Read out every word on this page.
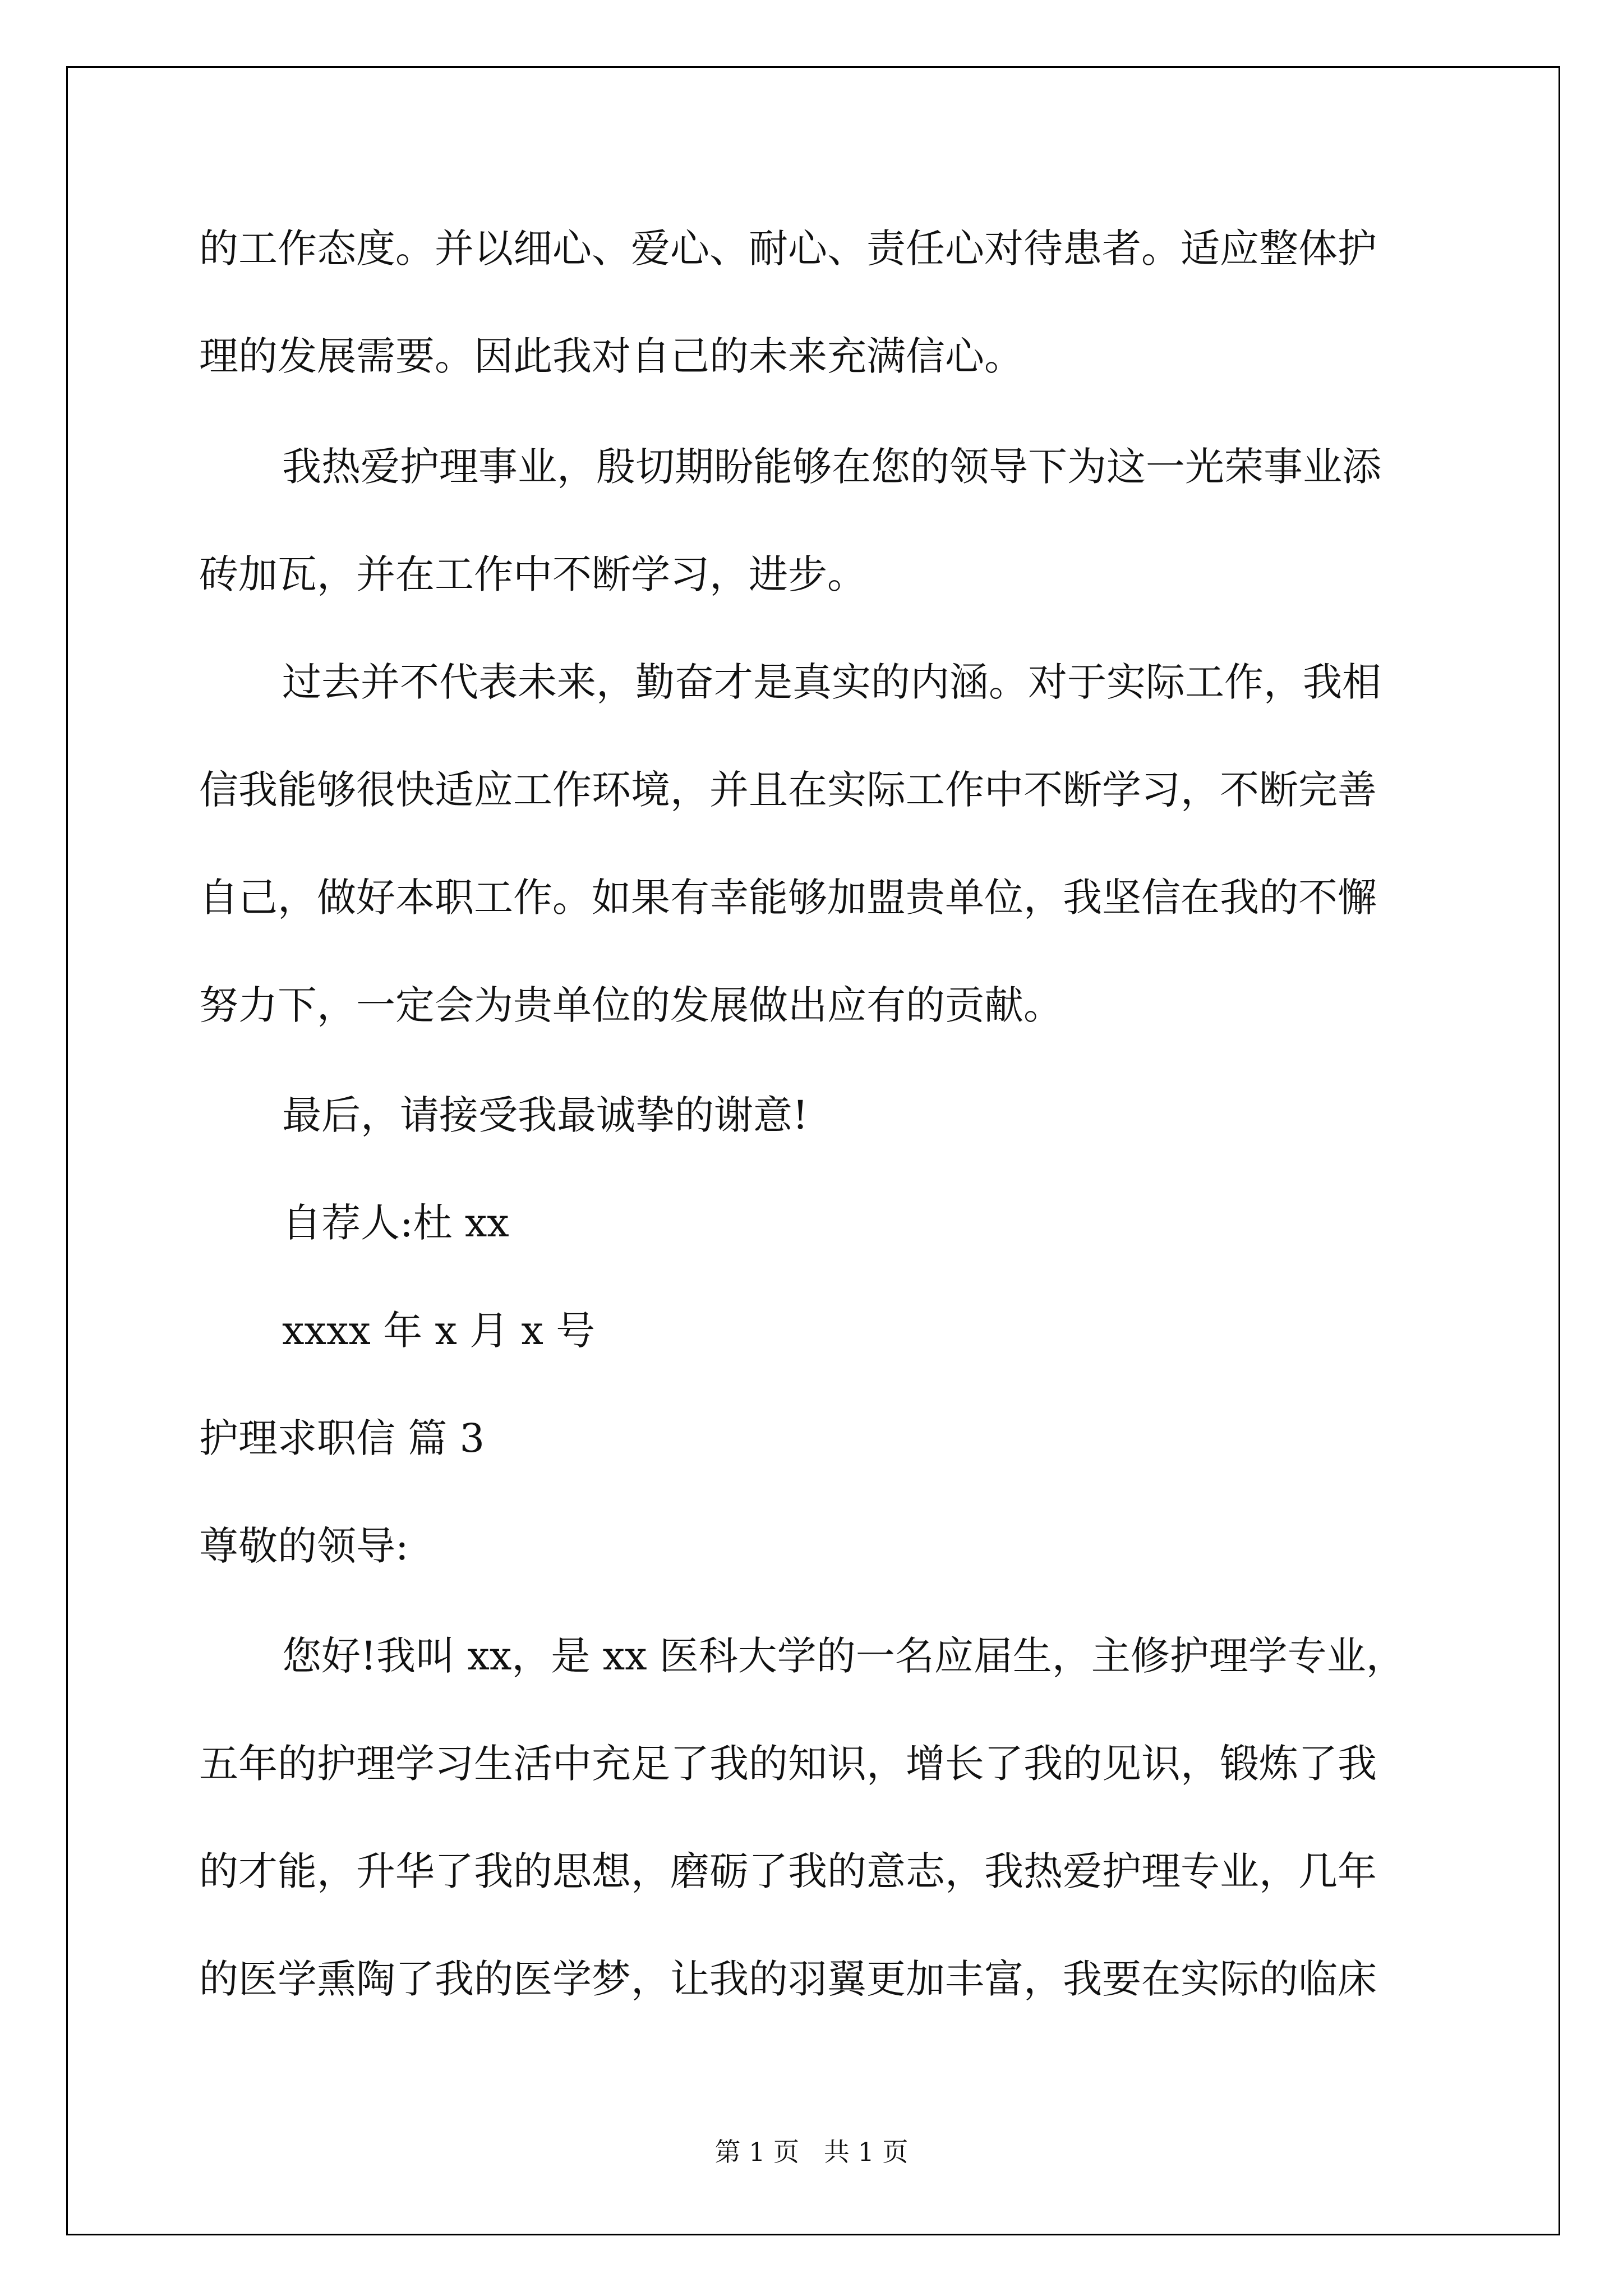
的工作态度。并以细心、爱心、耐心、责任心对待患者。适应整体护
理的发展需要。因此我对自己的未来充满信心。
我热爱护理事业，殷切期盼能够在您的领导下为这一光荣事业添
砖加瓦，并在工作中不断学习，进步。
过去并不代表未来，勤奋才是真实的内涵。对于实际工作，我相
信我能够很快适应工作环境，并且在实际工作中不断学习，不断完善
自己，做好本职工作。如果有幸能够加盟贵单位，我坚信在我的不懈
努力下，一定会为贵单位的发展做出应有的贡献。
最后，请接受我最诚挚的谢意!
自荐人:杜 xx
xxxx 年 x 月 x 号
护理求职信 篇 3
尊敬的领导:
您好!我叫 xx，是 xx 医科大学的一名应届生，主修护理学专业，
五年的护理学习生活中充足了我的知识，增长了我的见识，锻炼了我
的才能，升华了我的思想，磨砺了我的意志，我热爱护理专业，几年
的医学熏陶了我的医学梦，让我的羽翼更加丰富，我要在实际的临床
第 1 页   共 1 页
